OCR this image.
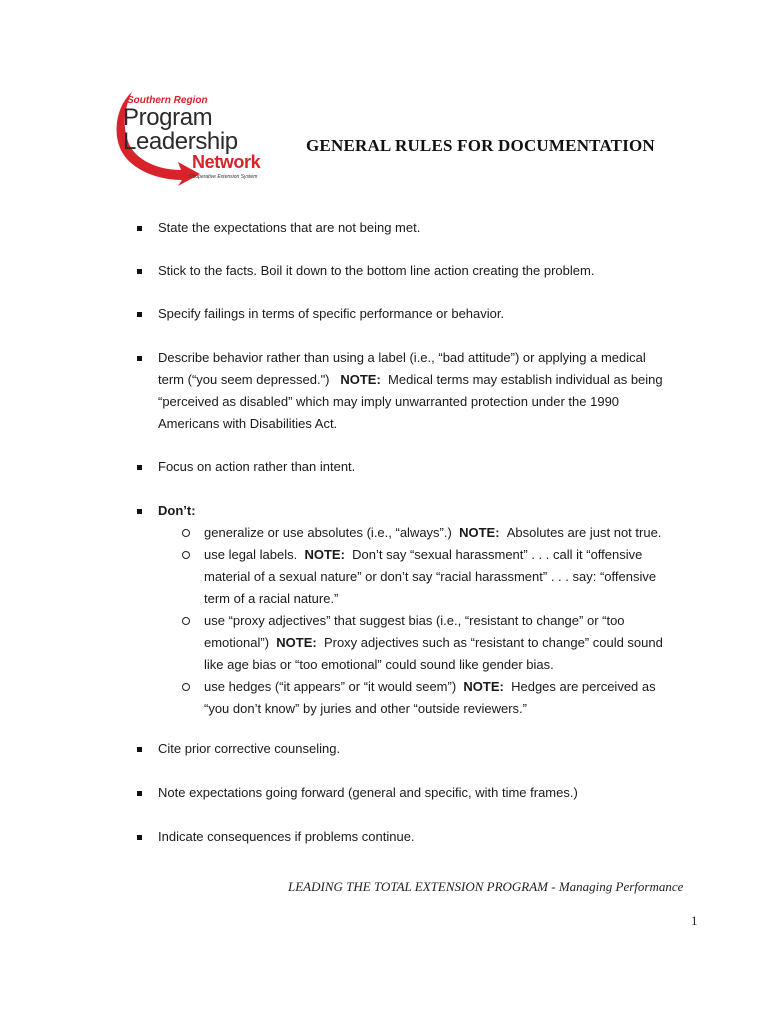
Southern Region
Program
Leadership
Network
Cooperative Extension System
GENERAL RULES FOR DOCUMENTATION
State the expectations that are not being met.
Stick to the facts. Boil it down to the bottom line action creating the problem.
Specify failings in terms of specific performance or behavior.
Describe behavior rather than using a label (i.e., “bad attitude”) or applying a medical
term (“you seem depressed.") NOTE: Medical terms may establish individual as being
“perceived as disabled” which may imply unwarranted protection under the 1990
Americans with Disabilities Act.
Focus on action rather than intent.
Don’t:
generalize or use absolutes (i.e., “always”.) NOTE: Absolutes are just not true.
use legal labels. NOTE: Don’t say “sexual harassment” . . . call it “offensive
material of a sexual nature” or don’t say “racial harassment” . . . say: “offensive
term of a racial nature.”
use “proxy adjectives” that suggest bias (i.e., “resistant to change” or “too
emotional”) NOTE: Proxy adjectives such as “resistant to change” could sound
like age bias or “too emotional” could sound like gender bias.
use hedges (“it appears” or “it would seem”) NOTE: Hedges are perceived as
“you don’t know” by juries and other “outside reviewers.”
Cite prior corrective counseling.
Note expectations going forward (general and specific, with time frames.)
Indicate consequences if problems continue.
LEADING THE TOTAL EXTENSION PROGRAM - Managing Performance
1
